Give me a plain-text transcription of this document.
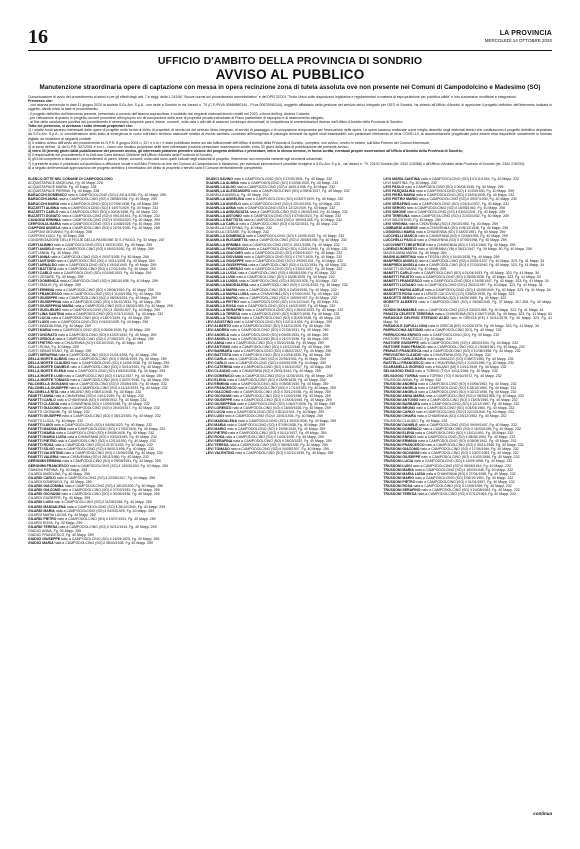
16	LA PROVINCIA
MERCOLEDÌ 14 OTTOBRE 2020
UFFICIO D'AMBITO DELLA PROVINCIA DI SONDRIO
AVVISO AL PUBBLICO
Manutenzione straordinaria opere di captazione con messa in opera recinzione zona di tutela assoluta ove non presente nei Comuni di Campodolcino e Madesimo (SO)

Comunicazione di avvio del procedimento ai sensi e per gli effetti degli artt. 7 e segg. della L.241/90 "Nuove norme sul procedimento amministrativo" e del DPR 327/01 "Testo Unico sulle disposizioni legislative e regolamentari in materia di espropriazione per pubblica utilità" e loro successive modifiche e integrazioni.

Premesso che:

- con istanza pervenuta in data 11 giugno 2020 la società S.Ec.Am. S.p.A., con sede a Sondrio in via Vanoni n. 79 (C.F./P.IVA 00669890144 - Pi.va 00670090144), soggetto affidatario della gestione del servizio idrico integrato per l'ATO di Sondrio, ha chiesto all'Ufficio d'Ambito di approvare il progetto definitivo dell'intervento indicato in oggetto, dando inizio la fase di procedimento;

- il progetto definitivo dell'intervento prevede, presentato a corredo dell'istanza sopraccitata, è costituito dai seguenti elaborati tecnici redatti nel 2020, a firma dell'Ing. Andrea Colombi;

- per l'attuazione di quanto in progetto occorre procedere all'esproprio e/o all'occupazione delle aree di proprietà privata individuate al Piano particellare di esproprio e di asservimento allegato;

- al fine della conclusione positiva del procedimento è necessario acquisire pareri, intese, concerti, nulla osta o altri atti di assenso comunque denominati, di competenza di amministrazioni diverse dall'Ufficio d'Ambito della Provincia di Sondrio;

Tutto ciò premesso, si avvisano i sotto elencati proprietari che:

1) i relativi fondi saranno interessati dalle opere di progetto nella forma di diritto di proprietà, di servitù ed del servizio idrico integrato, di servitù di passaggio o di occupazione temporanea per l'esecuzione delle opere. Le opere saranno realizzate come meglio descritto negli elaborati tecnici che costituiscono il progetto definitivo depositato da S.Ec.Am. S.p.A.; in considerazione dello stato di emergenza in corso sull'intero territorio nazionale relativo al rischio sanitario connesso all'insorgenza di patologie derivanti da agenti virali trasmissibili, con particolare riferimento al virus COVID-19, la documentazione progettuale potrà essere resa disponibile unicamente in formato digitale da richiedere ai seguenti contatti;

2) il relativo avviso dell'avvio del procedimento ex D.P.R. 8 giugno 2001 n. 327 e s.m.i. è stato pubblicato anche sul sito istituzionale dell'Ufficio d'Ambito della Provincia di Sondrio, completo, con avviso, ovvero in sintesi, sull'Albo Pretorio dei Comuni interessati;

3) ai sensi dell'art. 11 del D.P.R. 327/2001 e s.m.i., coloro che risultino proprietari delle aree interessate possono presentare osservazioni scritte, entro 30 giorni dalla data di pubblicazione del presente avviso;

4) entro 30 (trenta) giorni dalla pubblicazione del presente avviso, gli interessati potranno prendere visione del progetto definitivo e presentare, entro lo stesso termine, in forma scritta, eventuali proprie osservazioni all'Ufficio d'Ambito della Provincia di Sondrio;

5) il responsabile del procedimento è la Dott.ssa Carla Arbazzi, Direttore dell'Ufficio d'Ambito della Provincia di Sondrio;

6) gli Enti competenti a rilasciare i provvedimenti di pareri, intese, concerti, nulla osta sono quelli indicati negli elaborati di progetto; l'intervento non comporta variante agli strumenti urbanistici;

7) il presente avviso è pubblicato sul quotidiano a diffusione locale e sull'Albo Pretorio on-line dei Comuni di Campodolcino e Madesimo; per eventuali informazioni è possibile rivolgersi a S.Ec.Am. S.p.A., via Vanoni n. 79, 23100 Sondrio (tel. 0342 215388) o all'Ufficio d'Ambito della Provincia di Sondrio (tel. 0342 215233);

8) a seguito dell'eventuale approvazione del progetto definitivo il beneficiario del diritto di proprietà o servitù sarà il Comune territorialmente competente.

ELENCO DITTE NEL COMUNE DI CAMPODOLCINO

ACQUISTAPACE ANGELINA, Fg. 40 Mapp. 228

ACQUISTAPACE MARIA, Fg. 40 Mapp. 228

ACQUISTAPACE PIERINA, Fg. 40 Mapp. 228

BARACCHI DOMENICO nato a CAMPODOLCINO (SO) il 24/11/1930, Fg. 40 Mapp. 259

BARACCHI ANNA nata a CAMPODOLCINO (SO) il 28/08/1934, Fg. 40 Mapp. 259

BARACCHI MARIA nata a CAMPODOLCINO (SO) il 07/06/1938, Fg. 40 Mapp. 259

BUZZETTI ALBINA nata a CAMPODOLCINO (SO) il 14/07/1929, Fg. 40 Mapp. 232

BUZZETTI CARLO nato a CAMPODOLCINO (SO) il 30/04/1936, Fg. 40 Mapp. 232

BUZZETTI DONATO nato a CAMPODOLCINO (SO) il 09/10/1941, Fg. 40 Mapp. 232

CAVAGNA ERMINIA nata a CAMPODOLCINO (SO) il 02/05/1920, Fg. 40 Mapp. 259

CERFOGLIA MARIA nata a CAMPODOLCINO (SO) il 11/08/1925, Fg. 40 Mapp. 259

CIAPPONI ANGELA nata a CAMPODOLCINO (SO) il 22/01/1930, Fg. 40 Mapp. 258

CIAPPONI GIOVANNI, Fg. 40 Mapp. 258

CIAPPONI LUIGI, Fg. 40 Mapp. 258

CONGREGAZIONE DELLE FIGLIE DELLA PASSIONE DI S. PAOLO, Fg. 32 Mapp. 287

CURTI ALBINO nato a CAMPODOLCINO (SO) il 16/03/1932, Fg. 40 Mapp. 259

CURTI ANGELO nato a CAMPODOLCINO (SO) il 05/02/1930, Fg. 40 Mapp. 259

CURTI ANNA, Fg. 40 Mapp. 259

CURTI ANNA nata a CAMPODOLCINO (SO) il 20/07/1935, Fg. 40 Mapp. 259

CURTI ANTONIO nato a CAMPODOLCINO (SO) il 10/11/1928, Fg. 40 Mapp. 259

CURTI ARNALDO nato a CAMPODOLCINO (SO) il 19/04/1940, Fg. 40 Mapp. 259

CURTI BATTISTA nato a CAMPODOLCINO (SO) il 17/01/1926, Fg. 40 Mapp. 259

CURTI CARLO nato a CAMPODOLCINO (SO) il 02/06/1933, Fg. 40 Mapp. 259

CURTI CESARE, Fg. 40 Mapp. 259

CURTI DOMENICA nata a CAMPODOLCINO (SO) il 28/10/1938, Fg. 40 Mapp. 259

CURTI EMILIO, Fg. 40 Mapp. 259

CURTI ERMINIA nata a CAMPODOLCINO (SO) il 29/06/1930, Fg. 40 Mapp. 259

CURTI FRANCESCO nato a CAMPODOLCINO (SO) il 11/03/1936, Fg. 40 Mapp. 259

CURTI GIUSEPPE nato a CAMPODOLCINO (SO) il 08/05/1924, Fg. 40 Mapp. 259

CURTI GIUSEPPINA nata a CAMPODOLCINO (SO) il 24/12/1933, Fg. 40 Mapp. 259

CURTI GIUSEPPINA MARIA nata a CAMPODOLCINO (SO) il 06/02/1939, Fg. 40 Mapp. 259

CURTI GUGLIELMO nato a CAMPODOLCINO (SO) il 15/09/1927, Fg. 40 Mapp. 259

CURTI LINA SANTINA nata a CAMPODOLCINO (SO) il 01/11/1941, Fg. 40 Mapp. 232

CURTI LUCIA nata a CAMPODOLCINO (SO) il 18/07/1929, Fg. 40 Mapp. 259

CURTI LUIGI nato a CAMPODOLCINO (SO) il 04/03/1935, Fg. 40 Mapp. 259

CURTI MADDALENA, Fg. 40 Mapp. 259

CURTI MARIA nata a CAMPODOLCINO (SO) il 06/06/1926, Fg. 40 Mapp. 259

CURTI ONORATO nato a CAMPODOLCINO (SO) il 12/02/1932, Fg. 40 Mapp. 259

CURTI ORSOLA nata a CAMPODOLCINO (SO) il 27/08/1937, Fg. 40 Mapp. 259

CURTI PIETRO nato a CHIAVENNA (SO) il 03/10/1940, Fg. 40 Mapp. 259

CURTI ROSA, Fg. 40 Mapp. 259

CURTI SEBASTIANO, Fg. 40 Mapp. 259

CURTI SERAFINA nata a CAMPODOLCINO (SO) il 21/01/1934, Fg. 40 Mapp. 259

DELLA MORTE ALBINO nato a CAMPODOLCINO (SO) il 09/04/1929, Fg. 40 Mapp. 259

DELLA MORTE CLAUDIO nato a CAMPODOLCINO (SO) il 14/06/1938, Fg. 40 Mapp. 259

DELLA MORTE DANIELE nato a CAMPODOLCINO (SO) il 30/10/1931, Fg. 40 Mapp. 259

DELLA MORTE ELENA nata a CAMPODOLCINO (SO) il 05/03/1936, Fg. 40 Mapp. 259

DELLA MORTE LUIGI nato a CAMPODOLCINO (SO) il 16/11/1927, Fg. 40 Mapp. 259

DELLA MORTE TOMASO nato a CAMPODOLCINO (SO) il 02/07/1940, Fg. 40 Mapp. 259

FALCINELLA GIOVANNI nato a CAMPODOLCINO (SO) il 20/09/1925, Fg. 40 Mapp. 232

FALCINELLA GIUSEPPE nato a CAMPODOLCINO (SO) il 11/12/1933, Fg. 40 Mapp. 232

FALCINELLA RITA nata a MILANO (MI) il 08/01/1946, Fg. 40 Mapp. 232

FANETTI ANNA nata a CHIAVENNA (SO) il 14/11/1939, Fg. 40 Mapp. 232

FANETTI CARLO nato a CHIAVENNA (SO) il 19/05/1942, Fg. 40 Mapp. 232

FANETTI CLAUDIA nata a CHIAVENNA (SO) il 10/09/1948, Fg. 40 Mapp. 232

FANETTI GIACOMO nato a CAMPODOLCINO (SO) il 25/03/1917, Fg. 40 Mapp. 232

FANETTI GIOVANNI, Fg. 40 Mapp. 232

FANETTI GIUSEPPE nato a CAMPODOLCINO (SO) il 08/12/1920, Fg. 40 Mapp. 232

FANETTI LUCIA, Fg. 40 Mapp. 232

FANETTI LUIGI nato a CAMPODOLCINO (SO) il 04/06/1923, Fg. 40 Mapp. 232

FANETTI MADDALENA nata a CAMPODOLCINO (SO) il 17/02/1926, Fg. 40 Mapp. 232

FANETTI MARIA nata a CAMPODOLCINO (SO) il 29/08/1928, Fg. 40 Mapp. 232

FANETTI MARIA LUISA nata a CHIAVENNA (SO) il 03/04/1945, Fg. 40 Mapp. 232

FANETTI PIETRO nato a CAMPODOLCINO (SO) il 12/10/1930, Fg. 40 Mapp. 232

FANETTI ROSA nata a CAMPODOLCINO (SO) il 21/07/1933, Fg. 40 Mapp. 232

FANETTI SILVIO nato a CAMPODOLCINO (SO) il 06/01/1936, Fg. 40 Mapp. 232

FANETTI VALENTINO nato a CAMPODOLCINO (SO) il 15/05/1938, Fg. 40 Mapp. 232

FANETTI VALERIA nata a CHIAVENNA (SO) il 28/11/1950, Fg. 40 Mapp. 232

GERONIMI ERMINIA nata a CAMPODOLCINO (SO) il 09/09/1931, Fg. 40 Mapp. 259

GERONIMI FRANCESCO nato a CAMPODOLCINO (SO) il 13/03/1934, Fg. 40 Mapp. 259

GIANONI PIERINA, Fg. 40 Mapp. 259

GILARDI ANGELINA, Fg. 40 Mapp. 259

GILARDI CARLO nato a CAMPODOLCINO (SO) il 22/06/1927, Fg. 40 Mapp. 259

GILARDI DOMENICO, Fg. 40 Mapp. 259

GILARDI GIACOMINA nata a CAMPODOLCINO (SO) il 18/10/1930, Fg. 40 Mapp. 259

GILARDI GIACOMO nato a CAMPODOLCINO (SO) il 07/02/1933, Fg. 40 Mapp. 259

GILARDI GIOVANNI nato a CAMPODOLCINO (SO) il 30/05/1936, Fg. 40 Mapp. 259

GILARDI GIUSEPPE, Fg. 40 Mapp. 259

GILARDI LUIGI nato a CAMPODOLCINO (SO) il 11/08/1938, Fg. 40 Mapp. 259

GILARDI MADDALENA nata a CAMPODOLCINO (SO) il 26/12/1940, Fg. 40 Mapp. 259

GILARDI MARIA nata a CAMPODOLCINO (SO) il 04/04/1929, Fg. 40 Mapp. 259

GILARDI MARIA LUIGIA, Fg. 40 Mapp. 259

GILARDI PIETRO nato a CAMPODOLCINO (SO) il 19/07/1931, Fg. 40 Mapp. 259

GILARDI ROSA, Fg. 40 Mapp. 259

GILARDI TERESA nata a CAMPODOLCINO (SO) il 02/11/1934, Fg. 40 Mapp. 259

GIUDICI ANNA, Fg. 40 Mapp. 259

GIUDICI FRANCESCO, Fg. 40 Mapp. 259

GIUDICI GIUSEPPE nato a CAMPODOLCINO (SO) il 14/09/1925, Fg. 40 Mapp. 259

GIUDICI MARIA nata a CAMPODOLCINO (SO) il 08/03/1928, Fg. 40 Mapp. 259

GIUDICI SAVINO nato a CAMPODOLCINO (SO) il 27/05/1931, Fg. 40 Mapp. 232

GUANELLA ALBINA nata a CAMPODOLCINO (SO) il 22/08/1932, Fg. 40 Mapp. 232

GUANELLA ALDO nato a CAMPODOLCINO (SO) il 16/01/1935, Fg. 40 Mapp. 232

GUANELLA ALESSANDRO nato a CAMPODOLCINO (SO) il 09/04/1937, Fg. 40 Mapp. 232

GUANELLA ANGELA, Fg. 40 Mapp. 232

GUANELLA ANGELINA nata a CAMPODOLCINO (SO) il 03/07/1929, Fg. 40 Mapp. 232

GUANELLA ANGELO nato a CAMPODOLCINO (SO) il 20/10/1926, Fg. 40 Mapp. 232

GUANELLA ANNA nata a CAMPODOLCINO (SO) il 12/12/1939, Fg. 40 Mapp. 232

GUANELLA ANNUNCIATA nata a CAMPODOLCINO (SO) il 25/03/1941, Fg. 40 Mapp. 232

GUANELLA ANTONIO nato a CAMPODOLCINO (SO) il 07/06/1923, Fg. 40 Mapp. 232

GUANELLA BATTISTA nato a CAMPODOLCINO (SO) il 18/09/1928, Fg. 40 Mapp. 232

GUANELLA CARLO nato a CAMPODOLCINO (SO) il 01/02/1931, Fg. 40 Mapp. 232

GUANELLA CATERINA, Fg. 40 Mapp. 232

GUANELLA CESARE, Fg. 40 Mapp. 232

GUANELLA DOMENICA nata a CAMPODOLCINO (SO) il 13/05/1933, Fg. 40 Mapp. 232

GUANELLA ELISABETTA nata a CAMPODOLCINO (SO) il 28/08/1936, Fg. 40 Mapp. 232

GUANELLA ERMINIA nata a CAMPODOLCINO (SO) il 10/11/1938, Fg. 40 Mapp. 232

GUANELLA FRANCESCO nato a CAMPODOLCINO (SO) il 22/01/1940, Fg. 40 Mapp. 232

GUANELLA GIACOMO nato a CAMPODOLCINO (SO) il 05/04/1927, Fg. 40 Mapp. 232

GUANELLA GIOVANNI nato a CAMPODOLCINO (SO) il 17/07/1929, Fg. 40 Mapp. 232

GUANELLA GIUSEPPE nato a CAMPODOLCINO (SO) il 29/09/1931, Fg. 40 Mapp. 232

GUANELLA GIUSEPPINA nata a CAMPODOLCINO (SO) il 11/12/1934, Fg. 40 Mapp. 232

GUANELLA LORENZO nato a CAMPODOLCINO (SO) il 23/02/1937, Fg. 40 Mapp. 232

GUANELLA LUCIA nata a CAMPODOLCINO (SO) il 06/05/1939, Fg. 40 Mapp. 232

GUANELLA LUIGI nato a CAMPODOLCINO (SO) il 18/08/1925, Fg. 40 Mapp. 232

GUANELLA LUIGIA nata a CAMPODOLCINO (SO) il 30/10/1928, Fg. 40 Mapp. 232

GUANELLA MADDALENA nata a CAMPODOLCINO (SO) il 12/01/1932, Fg. 40 Mapp. 232

GUANELLA MARIA nata a CAMPODOLCINO (SO) il 24/03/1935, Fg. 40 Mapp. 232

GUANELLA MARIA LUISA nata a CHIAVENNA (SO) il 07/06/1944, Fg. 40 Mapp. 232

GUANELLA MARIO nato a CAMPODOLCINO (SO) il 19/09/1937, Fg. 40 Mapp. 232

GUANELLA PIETRO nato a CAMPODOLCINO (SO) il 01/12/1940, Fg. 40 Mapp. 232

GUANELLA ROSA nata a CAMPODOLCINO (SO) il 14/02/1930, Fg. 40 Mapp. 232

GUANELLA SERAFINO nato a CAMPODOLCINO (SO) il 26/04/1933, Fg. 40 Mapp. 232

GUANELLA TERESA nata a CAMPODOLCINO (SO) il 08/07/1936, Fg. 40 Mapp. 232

GUANELLA TOMASO nato a CAMPODOLCINO (SO) il 20/09/1938, Fg. 40 Mapp. 232

LEVI AGOSTINO nato a CAMPODOLCINO (SO) il 02/11/1926, Fg. 40 Mapp. 259

LEVI ALBERTO nato a CAMPODOLCINO (SO) il 14/01/1929, Fg. 40 Mapp. 259

LEVI ANDREA nato a CAMPODOLCINO (SO) il 27/03/1931, Fg. 40 Mapp. 259

LEVI ANGELA nata a CAMPODOLCINO (SO) il 09/05/1934, Fg. 40 Mapp. 259

LEVI ANGELO nato a CAMPODOLCINO (SO) il 21/07/1936, Fg. 40 Mapp. 259

LEVI ANNA nata a CAMPODOLCINO (SO) il 03/10/1938, Fg. 40 Mapp. 259

LEVI ANTONIO nato a CAMPODOLCINO (SO) il 15/12/1940, Fg. 40 Mapp. 259

LEVI BARBARA nata a CAMPODOLCINO (SO) il 28/02/1927, Fg. 40 Mapp. 259

LEVI BATTISTA nato a CAMPODOLCINO (SO) il 10/04/1930, Fg. 40 Mapp. 259

LEVI CARLA nata a CAMPODOLCINO (SO) il 22/06/1932, Fg. 40 Mapp. 259

LEVI CARLO nato a CAMPODOLCINO (SO) il 04/09/1935, Fg. 40 Mapp. 259

LEVI CATERINA nata a CAMPODOLCINO (SO) il 16/11/1937, Fg. 40 Mapp. 259

LEVI CLAUDIO nato a CHIAVENNA (SO) il 29/01/1942, Fg. 40 Mapp. 259

LEVI DOMENICO nato a CAMPODOLCINO (SO) il 11/03/1925, Fg. 40 Mapp. 259

LEVI ELENA nata a CAMPODOLCINO (SO) il 23/05/1928, Fg. 40 Mapp. 259

LEVI ERMINIA nata a CAMPODOLCINO (SO) il 05/08/1930, Fg. 40 Mapp. 259

LEVI FRANCESCO nato a CAMPODOLCINO (SO) il 17/10/1933, Fg. 40 Mapp. 259

LEVI GIACOMO nato a CAMPODOLCINO (SO) il 30/12/1935, Fg. 40 Mapp. 259

LEVI GIOVANNI nato a CAMPODOLCINO (SO) il 12/02/1938, Fg. 40 Mapp. 259

LEVI GIUSEPPE nato a CAMPODOLCINO (SO) il 24/04/1940, Fg. 40 Mapp. 259

LEVI GIUSEPPINA nata a CAMPODOLCINO (SO) il 06/07/1926, Fg. 40 Mapp. 259

LEVI LORENZO nato a CAMPODOLCINO (SO) il 18/09/1928, Fg. 40 Mapp. 259

LEVI LUCIA nata a CAMPODOLCINO (SO) il 30/11/1931, Fg. 40 Mapp. 259

LEVI LUIGI nato a CAMPODOLCINO (SO) il 13/01/1934, Fg. 40 Mapp. 259

LEVI MADDALENA nata a CAMPODOLCINO (SO) il 25/03/1936, Fg. 40 Mapp. 259

LEVI MARIA nata a CAMPODOLCINO (SO) il 07/06/1938, Fg. 40 Mapp. 259

LEVI MARIO nato a CAMPODOLCINO (SO) il 19/08/1940, Fg. 40 Mapp. 259

LEVI PIETRO nato a CAMPODOLCINO (SO) il 01/11/1927, Fg. 40 Mapp. 259

LEVI ROSA nata a CAMPODOLCINO (SO) il 14/01/1930, Fg. 40 Mapp. 259

LEVI SERAFINA nata a CAMPODOLCINO (SO) il 26/03/1932, Fg. 40 Mapp. 259

LEVI TERESA nata a CAMPODOLCINO (SO) il 08/06/1935, Fg. 40 Mapp. 259

LEVI TOMASO nato a CAMPODOLCINO (SO) il 20/08/1937, Fg. 40 Mapp. 259

LEVI VALENTINO nato a CAMPODOLCINO (SO) il 02/11/1939, Fg. 40 Mapp. 259

LEVI MARIA SANTINA nata a CAMPODOLCINO (SO) il 01/11/1934, Fg. 40 Mapp. 232

LEVI MARTINA, Fg. 40 Mapp. 232

LEVI PAOLO nato a CAMPODOLCINO (SO) il 09/04/1935, Fg. 40 Mapp. 259

LEVI PASQUALINA nata a CAMPODOLCINO (SO) il 11/04/1930, Fg. 40 Mapp. 259

LEVI PIERA MARIA nata a CAMPODOLCINO (SO) il 15/04/1935, Fg. 40 Mapp. 232

LEVI PIETRO MARIO nato a CAMPODOLCINO (SO) il 09/07/1930, Fg. 40 Mapp. 232

LEVI SERAFINO nato a CAMPODOLCINO (SO) il 24/11/1937, Fg. 40 Mapp. 232

LEVI SERGIO nato a CAMPODOLCINO (SO) il 16/08/1940, Fg. 40 Mapp. 259

LEVI SIMONE nato a CAMPODOLCINO (SO) il 03/02/1941, Fg. 40 Mapp. 259

LEVI TERESINA nata a CAMPODOLCINO (SO) il 21/03/1932, Fg. 40 Mapp. 259

LEVI VALENTINO, Fg. 40 Mapp. 259

LEVI VIRGINIA nata a CHIAVENNA (SO) il 29/10/1950, Fg. 40 Mapp. 259

LOMBARDI AGNESE nata a CHIAVENNA (SO) il 05/12/1946, Fg. 40 Mapp. 259

LOSIGNOLI MARIA nata a CHIAVENNA (SO) il 18/02/1951, Fg. 40 Mapp. 259

LUCCHELLI MARCO nato a CHIAVENNA (SO) il 22/06/1955, Fg. 40 Mapp. 259

LUCCHELLI PAOLO nato a CHIAVENNA (SO) il 07/09/1958, Fg. 40 Mapp. 259

LUCCHINETTI BEATRICE nata a CHIAVENNA (SO) il 10/11/1960, Fg. 40 Mapp. 259

LORENZI ROBERTO nato a VERBANIA (VB) il 06/11/1947, Fg. 39 Mapp. 50, Fg. 40 Mapp. 259

MAGNI ANNA MARIA, Fg. 40 Mapp. 259

MAGNI ALBERTINA nata a TESSILI (SO) il 16/10/1928, Fg. 40 Mapp. 259

MANFREDI ANGELO nato a CAMPODOLCINO (SO) il 03/01/1937, Fg. 40 Mapp. 323, Fg. 41 Mapp. 34

MANFREDI ANGELA nata a CAMPODOLCINO (SO) il 27/03/1940, Fg. 40 Mapp. 323, Fg. 41 Mapp. 34

MANETTI GIOVANNI, Fg. 40 Mapp. 259

MANETTI CARLO nato a CAMPODOLCINO (SO) il 01/04/1933, Fg. 40 Mapp. 323, Fg. 41 Mapp. 34

MANETTI FAUSTO nato a CAMPODOLCINO (SO) il 25/05/1938, Fg. 40 Mapp. 323, Fg. 41 Mapp. 34

MANETTI FRANCESCO nato a CAMPODOLCINO (SO) il 24/08/1947, Fg. 40 Mapp. 323, Fg. 41 Mapp. 34

MANETTI LUCIANO nato a CAMPODOLCINO (SO) il 26/01/1957, Fg. 40 Mapp. 323, Fg. 41 Mapp. 34

MANETTI MARIA ADELE nata a CAMPODOLCINO (SO) il 10/08/1949, Fg. 40 Mapp. 323, Fg. 41 Mapp. 34

MASCETTI ROSA nata a LURATE CACCIVIO (CO) il 25/02/1935, Fg. 40 Mapp. 323

MASCETTI SERGIO nato a CHIAVENNA (SO) il 14/05/1960, Fg. 40 Mapp. 323

MORETTI ALBERTO nato a CAMPODOLCINO (SO) il 25/06/1945, Fg. 37 Mapp. 307-308, Fg. 40 Mapp. 323

NONINI GIANMARIA nato a CAMPODOLCINO (SO) il 23/02/1965, Fg. 40 Mapp. 323, Fg. 41 Mapp. 34

PANIZZA CELESTE TERESINA nata a CHIAVENNA (SO) il 15/07/1938, Fg. 40 Mapp. 323, Fg. 41 Mapp. 34

PARASOLE DELFINO STEFANO ALDO nato in GRECIA (EE) il 02/11/1978, Fg. 40 Mapp. 323, Fg. 41 Mapp. 34

PARASOLE ZUPULLI NIVA nata in GRECIA (EE) il 01/09/1976, Fg. 40 Mapp. 323, Fg. 41 Mapp. 34

PARRUCCHIA ANTONIO nato a CAMPODOLCINO (SO), Fg. 40 Mapp. 232

PARRUCCHIA ENRICO nato a CAMPODOLCINO (SO), Fg. 40 Mapp. 232

PASTORE FRANCESCO, Fg. 40 Mapp. 232

PASTORE GIUSEPPE nato a CAMPODOLCINO (SO) il 18/02/1934, Fg. 40 Mapp. 232

PASTORE GIAN FRANCO nato a CAMPODOLCINO (SO) il 19/06/1961, Fg. 40 Mapp. 232

PENNATI FRANCESCA nata a CAMPODOLCINO (SO) il 12/08/1958, Fg. 40 Mapp. 232

PREVOSTINI CLAUDIO nato a CHIAVENNA (SO), Fg. 40 Mapp. 232

RASTELLI CARLA MARIA nata a LOMAZZO (CO) il 08/07/1952, Fg. 40 Mapp. 232

RASTELLI FRANCESCO nato a CHIAVENNA (SO) il 21/03/1955, Fg. 40 Mapp. 232

SCARAMELLA GIORGIO nato a MILANO (MI) il 14/11/1949, Fg. 40 Mapp. 232

SELVAGGIO ENZO nato a TORINO (TO) il 14/11/1969, Fg. 40 Mapp. 232

SELVAGGIO TORINA nata a TORINO (TO) il 06/10/1972, Fg. 40 Mapp. 232

TRUSSONI ANNA, Fg. 40 Mapp. 232

TRUSSONI ANDREA nato a CAMPODOLCINO (SO) il 19/06/1962, Fg. 40 Mapp. 232

TRUSSONI ANGELA nata a CAMPODOLCINO (SO) il 28/10/1960, Fg. 40 Mapp. 232

TRUSSONI ANGELO nato a CAMPODOLCINO (SO) il 02/12/1955, Fg. 40 Mapp. 232

TRUSSONI ANNA MARIA nata a CAMPODOLCINO (SO) il 08/05/1958, Fg. 40 Mapp. 232

TRUSSONI ANTONIO nato a CAMPODOLCINO (SO) il 15/03/1950, Fg. 40 Mapp. 232

TRUSSONI BARBARA nata a CAMPODOLCINO (SO) il 12/12/1957, Fg. 40 Mapp. 232

TRUSSONI BRUNO nato a CAMPODOLCINO (SO) il 04/04/1960, Fg. 40 Mapp. 232

TRUSSONI CARLO nato a CAMPODOLCINO (SO) il 22/10/1949, Fg. 40 Mapp. 232

TRUSSONI CHIARA nata a CHIAVENNA (SO) il 25/12/1952, Fg. 40 Mapp. 232

TRUSSONI CLAUDIO, Fg. 40 Mapp. 232

TRUSSONI DANIELE nato a CAMPODOLCINO (SO) il 09/09/1947, Fg. 40 Mapp. 232

TRUSSONI DOMENICO nato a CAMPODOLCINO (SO) il 16/03/1945, Fg. 40 Mapp. 232

TRUSSONI ELENA nata a CAMPODOLCINO (SO) il 11/01/1951, Fg. 40 Mapp. 232

TRUSSONI ENRICO nato a CAMPODOLCINO (SO) il 28/06/1954, Fg. 40 Mapp. 232

TRUSSONI ERMINIA nata a CAMPODOLCINO (SO) il 05/08/1942, Fg. 40 Mapp. 232

TRUSSONI FRANCESCO nato a CAMPODOLCINO (SO) il 30/11/1946, Fg. 40 Mapp. 232

TRUSSONI GIACOMO nato a CAMPODOLCINO (SO) il 17/04/1949, Fg. 40 Mapp. 232

TRUSSONI GIOVANNI nato a CAMPODOLCINO (SO) il 23/07/1953, Fg. 40 Mapp. 232

TRUSSONI GIUSEPPE nato a CAMPODOLCINO (SO) il 10/02/1956, Fg. 40 Mapp. 232

TRUSSONI LUCIA nata a CAMPODOLCINO (SO) il 14/09/1958, Fg. 40 Mapp. 232

TRUSSONI LUIGI nato a CAMPODOLCINO (SO) il 06/06/1944, Fg. 40 Mapp. 232

TRUSSONI MARIA nata a CAMPODOLCINO (SO) il 19/03/1948, Fg. 40 Mapp. 232

TRUSSONI MARIA LUISA nata a CHIAVENNA (SO) il 27/04/1955, Fg. 40 Mapp. 232

TRUSSONI MARIO nato a CAMPODOLCINO (SO) il 08/10/1951, Fg. 40 Mapp. 232

TRUSSONI PIETRO nato a CAMPODOLCINO (SO) il 01/01/1957, Fg. 40 Mapp. 232

TRUSSONI ROSA nata a CAMPODOLCINO (SO) il 12/05/1959, Fg. 40 Mapp. 232

TRUSSONI SERAFINO nato a CAMPODOLCINO (SO) il 24/08/1961, Fg. 40 Mapp. 232

TRUSSONI TERESA nata a CAMPODOLCINO (SO) il 07/12/1963, Fg. 40 Mapp. 232

continua
